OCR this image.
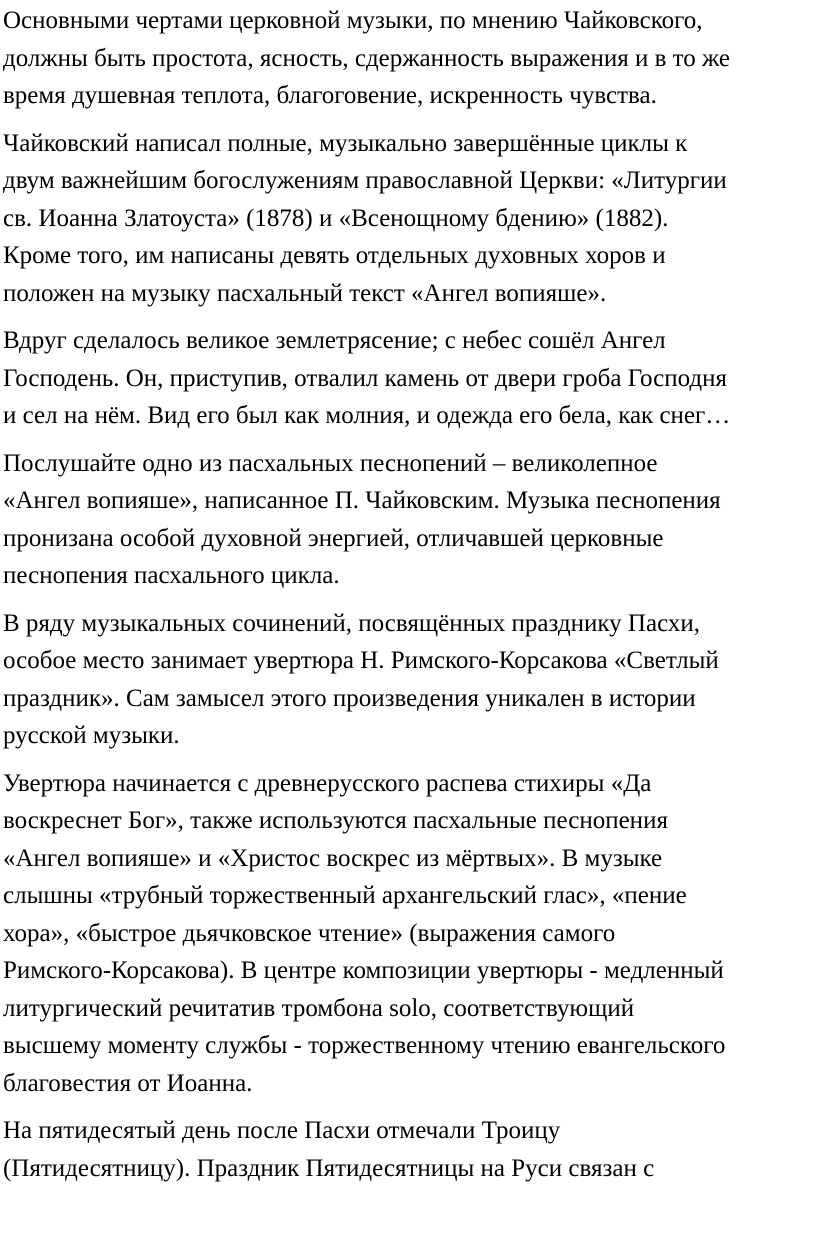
Основными чертами церковной музыки, по мнению Чайковского,
должны быть простота, ясность, сдержанность выражения и в то же
время душевная теплота, благоговение, искренность чувства.

Чайковский написал полные, музыкально завершённые циклы к
двум важнейшим богослужениям православной Церкви: «Литургии
св. Иоанна Златоуста» (1878) и «Всенощному бдению» (1882).
Кроме того, им написаны девять отдельных духовных хоров и
положен на музыку пасхальный текст «Ангел вопияше».

Вдруг сделалось великое землетрясение; с небес сошёл Ангел
Господень. Он, приступив, отвалил камень от двери гроба Господня
и сел на нём. Вид его был как молния, и одежда его бела, как снег…

Послушайте одно из пасхальных песнопений – великолепное
«Ангел вопияше», написанное П. Чайковским. Музыка песнопения
пронизана особой духовной энергией, отличавшей церковные
песнопения пасхального цикла.

В ряду музыкальных сочинений, посвящённых празднику Пасхи,
особое место занимает увертюра Н. Римского-Корсакова «Светлый
праздник». Сам замысел этого произведения уникален в истории
русской музыки.

Увертюра начинается с древнерусского распева стихиры «Да
воскреснет Бог», также используются пасхальные песнопения
«Ангел вопияше» и «Христос воскрес из мёртвых». В музыке
слышны «трубный торжественный архангельский глас», «пение
хора», «быстрое дьячковское чтение» (выражения самого
Римского-Корсакова). В центре композиции увертюры - медленный
литургический речитатив тромбона solo, соответствующий
высшему моменту службы - торжественному чтению евангельского
благовестия от Иоанна.

На пятидесятый день после Пасхи отмечали Троицу
(Пятидесятницу). Праздник Пятидесятницы на Руси связан с
